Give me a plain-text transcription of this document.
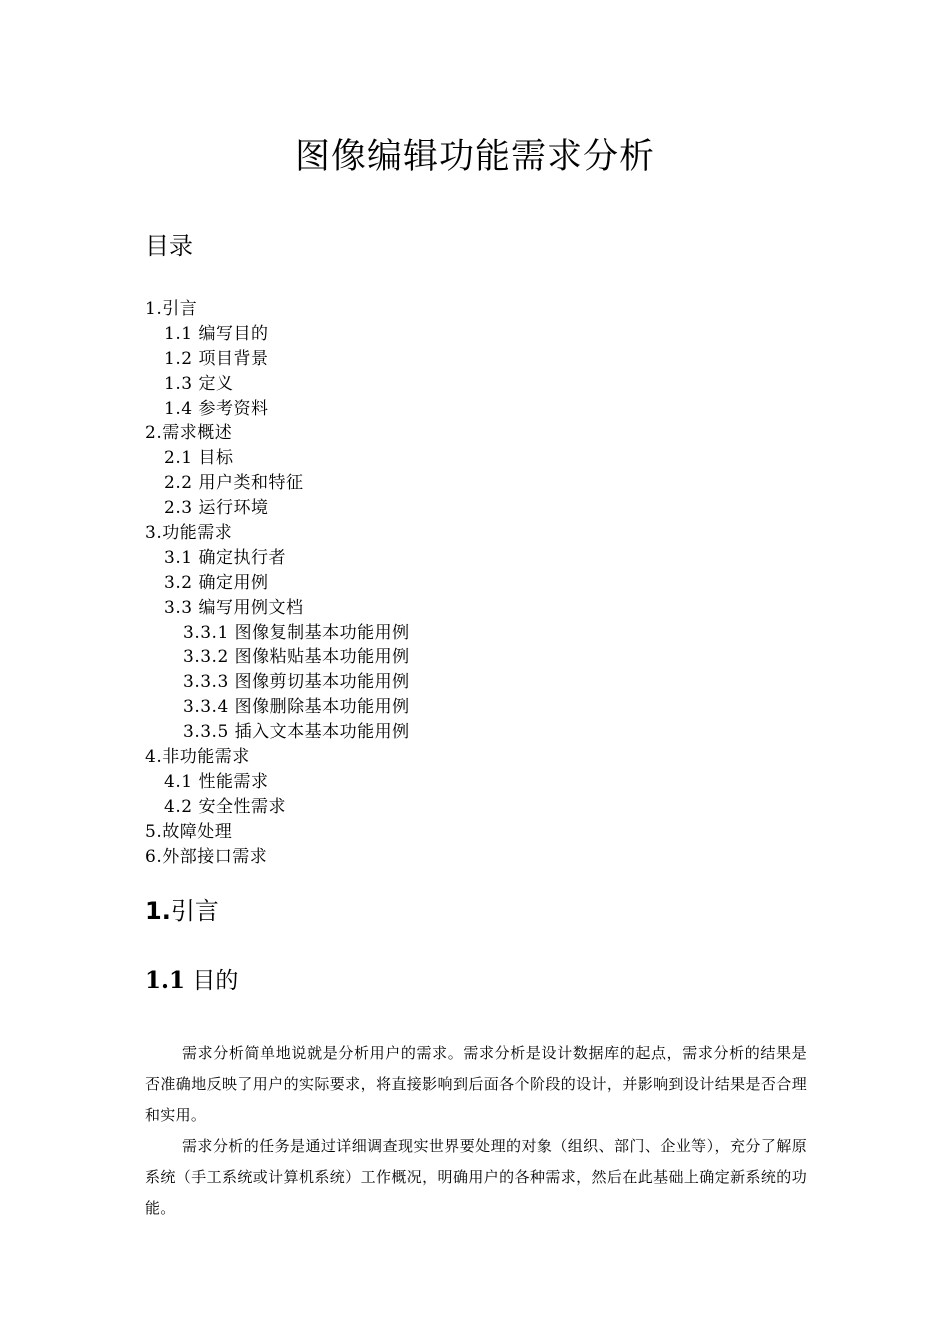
图像编辑功能需求分析
目录
1.引言
1.1 编写目的
1.2 项目背景
1.3 定义
1.4 参考资料
2.需求概述
2.1 目标
2.2 用户类和特征
2.3 运行环境
3.功能需求
3.1 确定执行者
3.2 确定用例
3.3 编写用例文档
3.3.1 图像复制基本功能用例
3.3.2 图像粘贴基本功能用例
3.3.3 图像剪切基本功能用例
3.3.4 图像删除基本功能用例
3.3.5 插入文本基本功能用例
4.非功能需求
4.1 性能需求
4.2 安全性需求
5.故障处理
6.外部接口需求
1.引言
1.1 目的

需求分析简单地说就是分析用户的需求。需求分析是设计数据库的起点，需求分析的结果是否准确地反映了用户的实际要求，将直接影响到后面各个阶段的设计，并影响到设计结果是否合理和实用。

需求分析的任务是通过详细调查现实世界要处理的对象（组织、部门、企业等），充分了解原系统（手工系统或计算机系统）工作概况，明确用户的各种需求，然后在此基础上确定新系统的功能。
